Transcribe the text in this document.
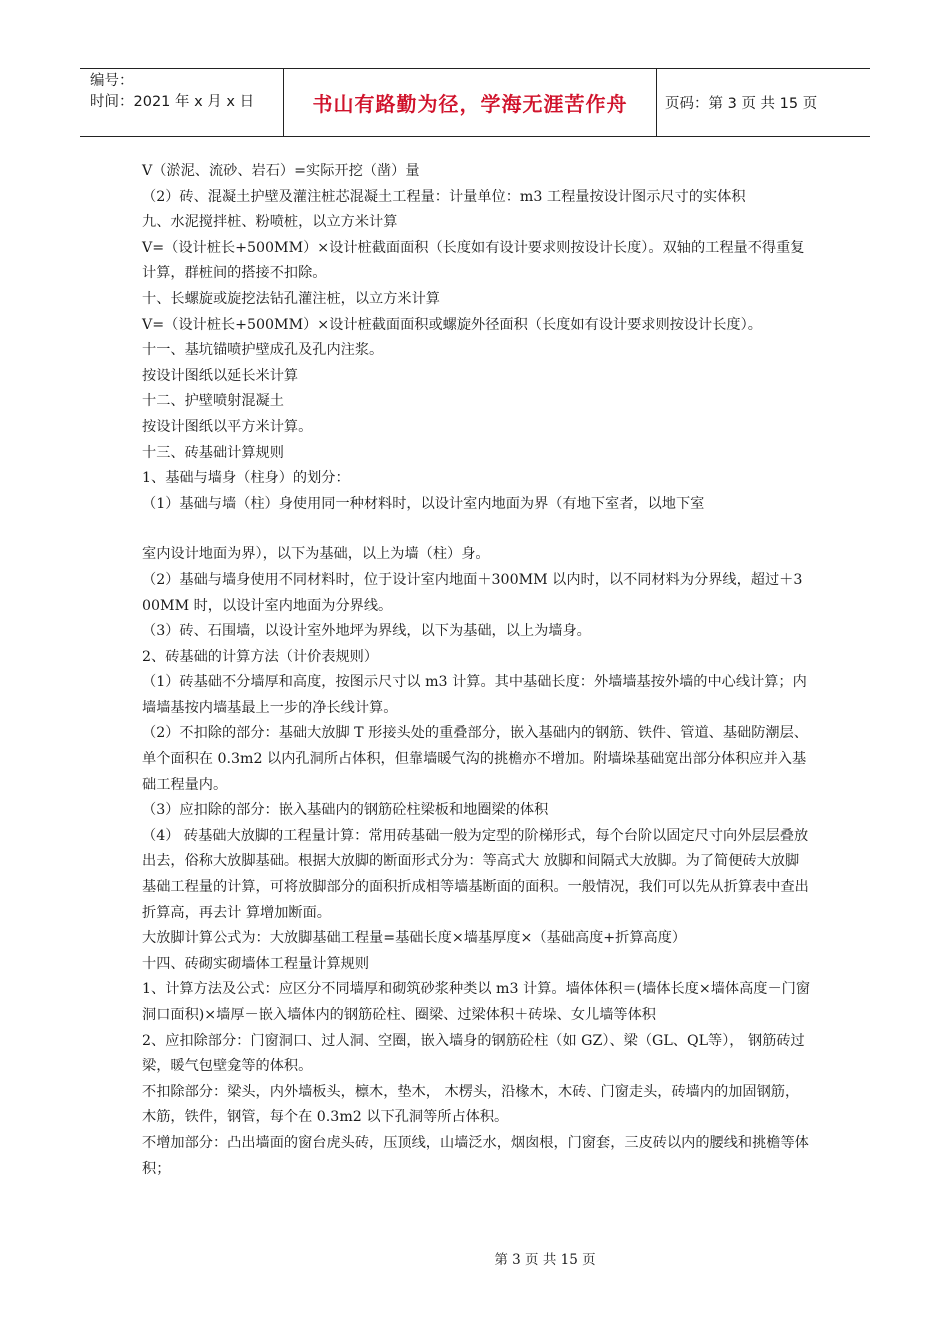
编号：
时间：2021 年 x 月 x 日	书山有路勤为径，学海无涯苦作舟	页码：第 3 页 共 15 页

V（淤泥、流砂、岩石）=实际开挖（凿）量

（2）砖、混凝土护壁及灌注桩芯混凝土工程量：计量单位：m3 工程量按设计图示尺寸的实体积

九、水泥搅拌桩、粉喷桩，以立方米计算

V=（设计桩长+500MM）×设计桩截面面积（长度如有设计要求则按设计长度）。双轴的工程量不得重复计算，群桩间的搭接不扣除。

十、长螺旋或旋挖法钻孔灌注桩，以立方米计算

V=（设计桩长+500MM）×设计桩截面面积或螺旋外径面积（长度如有设计要求则按设计长度）。

十一、基坑锚喷护壁成孔及孔内注浆。

按设计图纸以延长米计算

十二、护壁喷射混凝土

按设计图纸以平方米计算。

十三、砖基础计算规则

1、基础与墙身（柱身）的划分：

（1）基础与墙（柱）身使用同一种材料时，以设计室内地面为界（有地下室者，以地下室

室内设计地面为界），以下为基础，以上为墙（柱）身。

（2）基础与墙身使用不同材料时，位于设计室内地面＋300MM 以内时，以不同材料为分界线，超过＋300MM 时，以设计室内地面为分界线。

（3）砖、石围墙，以设计室外地坪为界线，以下为基础，以上为墙身。

2、砖基础的计算方法（计价表规则）

（1）砖基础不分墙厚和高度，按图示尺寸以 m3 计算。其中基础长度：外墙墙基按外墙的中心线计算；内墙墙基按内墙基最上一步的净长线计算。

（2）不扣除的部分：基础大放脚 T 形接头处的重叠部分，嵌入基础内的钢筋、铁件、管道、基础防潮层、单个面积在 0.3m2 以内孔洞所占体积，但靠墙暖气沟的挑檐亦不增加。附墙垛基础宽出部分体积应并入基础工程量内。

（3）应扣除的部分：嵌入基础内的钢筋砼柱梁板和地圈梁的体积

（4） 砖基础大放脚的工程量计算：常用砖基础一般为定型的阶梯形式，每个台阶以固定尺寸向外层层叠放出去，俗称大放脚基础。根据大放脚的断面形式分为：等高式大 放脚和间隔式大放脚。为了简便砖大放脚基础工程量的计算，可将放脚部分的面积折成相等墙基断面的面积。一般情况，我们可以先从折算表中查出折算高，再去计 算增加断面。

大放脚计算公式为：大放脚基础工程量=基础长度×墙基厚度×（基础高度+折算高度）

十四、砖砌实砌墙体工程量计算规则

1、计算方法及公式：应区分不同墙厚和砌筑砂浆种类以 m3 计算。墙体体积＝(墙体长度×墙体高度－门窗洞口面积)×墙厚－嵌入墙体内的钢筋砼柱、圈梁、过梁体积＋砖垛、女儿墙等体积

2、应扣除部分：门窗洞口、过人洞、空圈，嵌入墙身的钢筋砼柱（如 GZ）、梁（GL、QL等）， 钢筋砖过梁，暖气包壁龛等的体积。

不扣除部分：梁头，内外墙板头，檩木，垫木， 木楞头，沿椽木，木砖、门窗走头，砖墙内的加固钢筋，木筋，铁件，钢管，每个在 0.3m2 以下孔洞等所占体积。

不增加部分：凸出墙面的窗台虎头砖，压顶线，山墙泛水，烟囱根，门窗套，三皮砖以内的腰线和挑檐等体积；

第 3 页 共 15 页
